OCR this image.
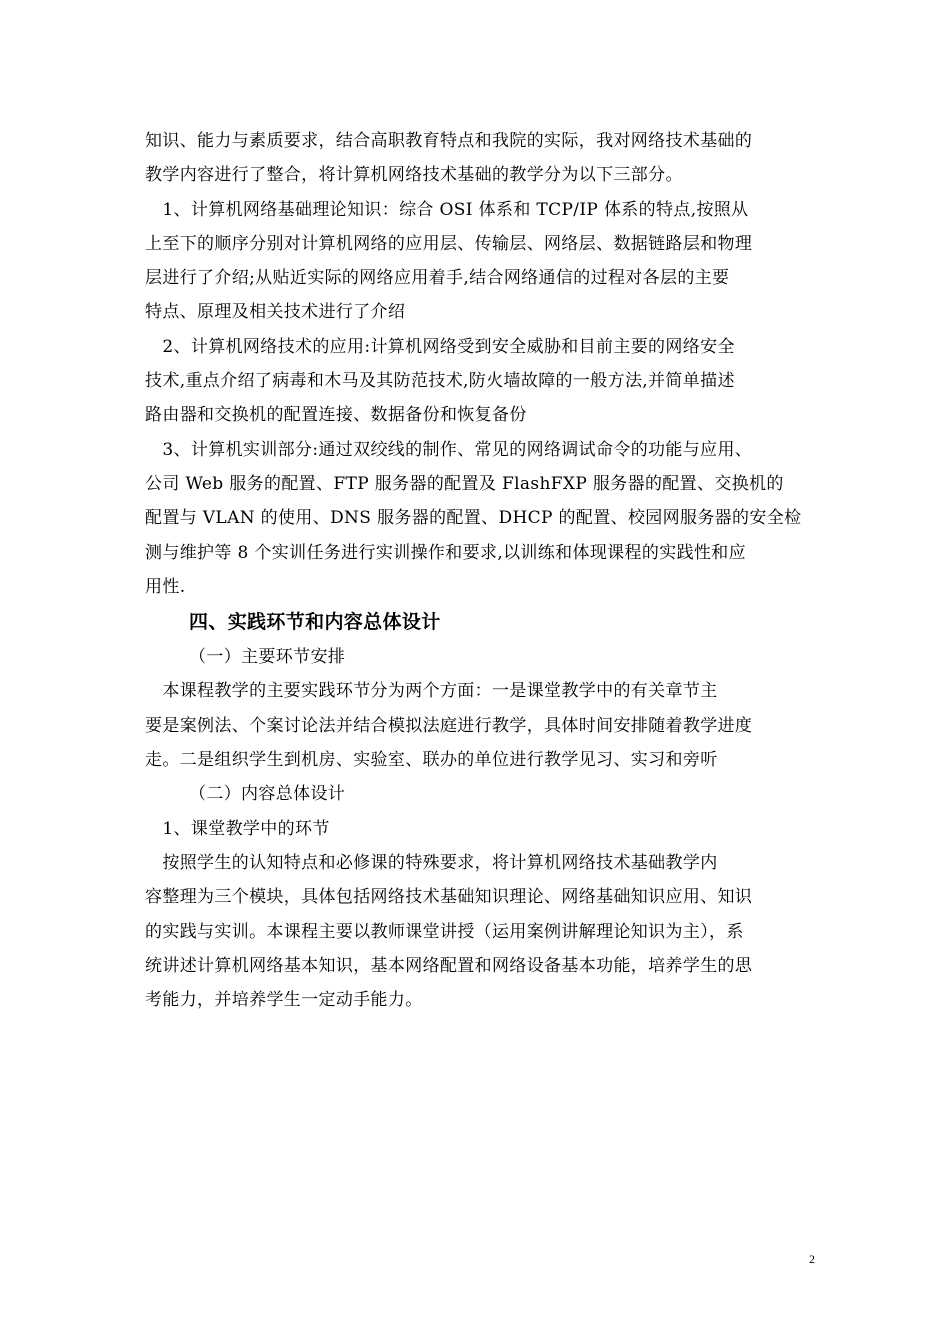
知识、能力与素质要求，结合高职教育特点和我院的实际，我对网络技术基础的

教学内容进行了整合，将计算机网络技术基础的教学分为以下三部分。

　1、计算机网络基础理论知识：综合 OSI 体系和 TCP/IP 体系的特点,按照从

上至下的顺序分别对计算机网络的应用层、传输层、网络层、数据链路层和物理

层进行了介绍;从贴近实际的网络应用着手,结合网络通信的过程对各层的主要

特点、原理及相关技术进行了介绍

　2、计算机网络技术的应用:计算机网络受到安全威胁和目前主要的网络安全

技术,重点介绍了病毒和木马及其防范技术,防火墙故障的一般方法,并简单描述

路由器和交换机的配置连接、数据备份和恢复备份

　3、计算机实训部分:通过双绞线的制作、常见的网络调试命令的功能与应用、

公司 Web 服务的配置、FTP 服务器的配置及 FlashFXP 服务器的配置、交换机的

配置与 VLAN 的使用、DNS 服务器的配置、DHCP 的配置、校园网服务器的安全检

测与维护等 8 个实训任务进行实训操作和要求,以训练和体现课程的实践性和应

用性.

四、实践环节和内容总体设计

（一）主要环节安排

　本课程教学的主要实践环节分为两个方面：一是课堂教学中的有关章节主

要是案例法、个案讨论法并结合模拟法庭进行教学，具体时间安排随着教学进度

走。二是组织学生到机房、实验室、联办的单位进行教学见习、实习和旁听

（二）内容总体设计

　1、课堂教学中的环节

　按照学生的认知特点和必修课的特殊要求，将计算机网络技术基础教学内

容整理为三个模块，具体包括网络技术基础知识理论、网络基础知识应用、知识

的实践与实训。本课程主要以教师课堂讲授（运用案例讲解理论知识为主），系

统讲述计算机网络基本知识，基本网络配置和网络设备基本功能，培养学生的思

考能力，并培养学生一定动手能力。

2
